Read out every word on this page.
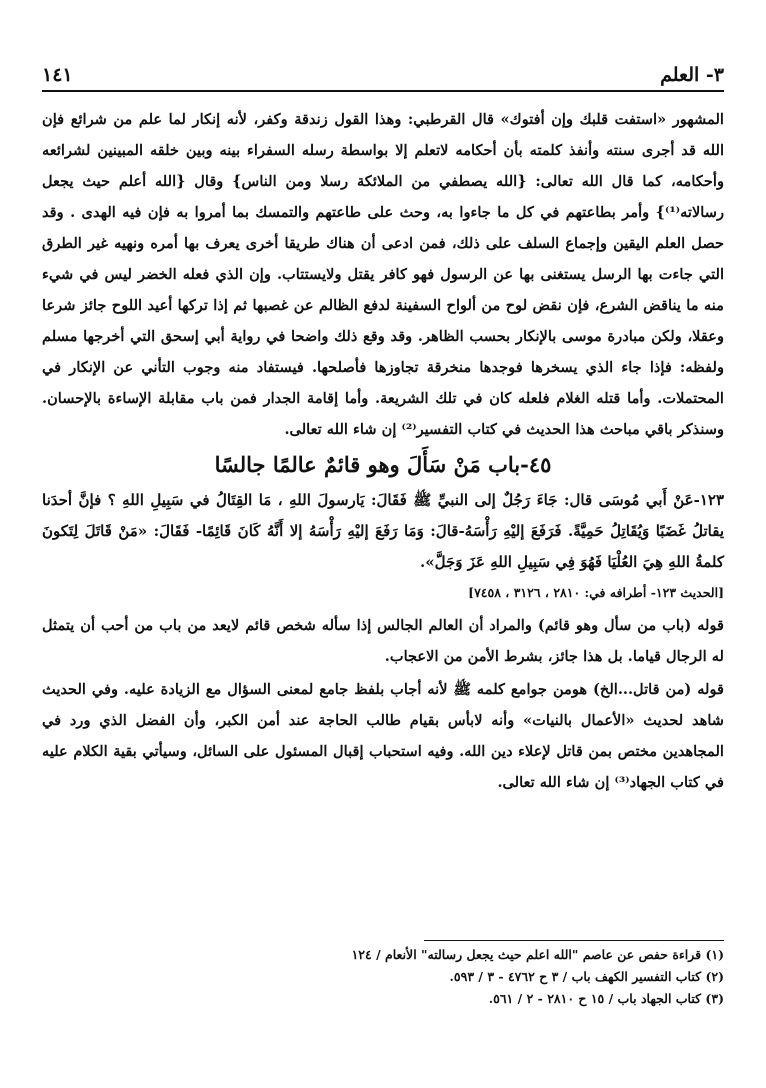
٣- العلم
١٤١

المشهور «استفت قلبك وإن أفتوك» قال القرطبي: وهذا القول زندقة وكفر، لأنه إنكار لما علم من شرائع فإن الله قد أجرى سنته وأنفذ كلمته بأن أحكامه لاتعلم إلا بواسطة رسله السفراء بينه وبين خلقه المبينين لشرائعه وأحكامه، كما قال الله تعالى: {الله يصطفي من الملائكة رسلا ومن الناس} وقال {الله أعلم حيث يجعل رسالاته⁽¹⁾} وأمر بطاعتهم في كل ما جاءوا به، وحث على طاعتهم والتمسك بما أمروا به فإن فيه الهدى . وقد حصل العلم اليقين وإجماع السلف على ذلك، فمن ادعى أن هناك طريقا أخرى يعرف بها أمره ونهيه غير الطرق التي جاءت بها الرسل يستغنى بها عن الرسول فهو كافر يقتل ولايستتاب. وإن الذي فعله الخضر ليس في شيء منه ما يناقض الشرع، فإن نقض لوح من ألواح السفينة لدفع الظالم عن غصبها ثم إذا تركها أعيد اللوح جائز شرعا وعقلا، ولكن مبادرة موسى بالإنكار بحسب الظاهر. وقد وقع ذلك واضحا في رواية أبي إسحق التي أخرجها مسلم ولفظه: فإذا جاء الذي يسخرها فوجدها منخرقة تجاوزها فأصلحها. فيستفاد منه وجوب التأني عن الإنكار في المحتملات. وأما قتله الغلام فلعله كان في تلك الشريعة. وأما إقامة الجدار فمن باب مقابلة الإساءة بالإحسان. وسنذكر باقي مباحث هذا الحديث في كتاب التفسير⁽²⁾ إن شاء الله تعالى.

٤٥-باب مَنْ سَأَلَ وهو قائمٌ عالمًا جالسًا

١٢٣-عَنْ أَبي مُوسَى قال: جَاءَ رَجُلٌ إلى النبيِّ ﷺ فَقَالَ: يَارسولَ اللهِ ، مَا القِتَالُ في سَبِيلِ اللهِ ؟ فإنَّ أحدَنا يقاتلُ غَضَبًا وَيُقَاتِلُ حَمِيَّةً. فَرَفَعَ إليْهِ رَأْسَهُ-قالَ: وَمَا رَفَعَ إليْهِ رَأْسَهُ إلا أَنَّهُ كَانَ قَائِمًا- فَقَالَ: «مَنْ قَاتَلَ لِتَكونَ كلمةُ اللهِ هِيَ العُلْيَا فَهُوَ فِي سَبِيلِ اللهِ عَزَ وَجَلَّ».

[الحديث ١٢٣- أطرافه في: ٢٨١٠ ، ٣١٢٦ ، ٧٤٥٨]

قوله (باب من سأل وهو قائم) والمراد أن العالم الجالس إذا سأله شخص قائم لايعد من باب من أحب أن يتمثل له الرجال قياما. بل هذا جائز، بشرط الأمن من الاعجاب.

قوله (من قاتل...الخ) هومن جوامع كلمه ﷺ لأنه أجاب بلفظ جامع لمعنى السؤال مع الزيادة عليه. وفي الحديث شاهد لحديث «الأعمال بالنيات» وأنه لابأس بقيام طالب الحاجة عند أمن الكبر، وأن الفضل الذي ورد في المجاهدين مختص بمن قاتل لإعلاء دين الله. وفيه استحباب إقبال المسئول على السائل، وسيأتي بقية الكلام عليه في كتاب الجهاد⁽³⁾ إن شاء الله تعالى.

(١) قراءة حفص عن عاصم "الله اعلم حيث يجعل رسالته" الأنعام / ١٢٤
(٢) كتاب التفسير الكهف باب / ٣ ح ٤٧٦٢ - ٣ / ٥٩٣.
(٣) كتاب الجهاد باب / ١٥ ح ٢٨١٠ - ٢ / ٥٦١.
